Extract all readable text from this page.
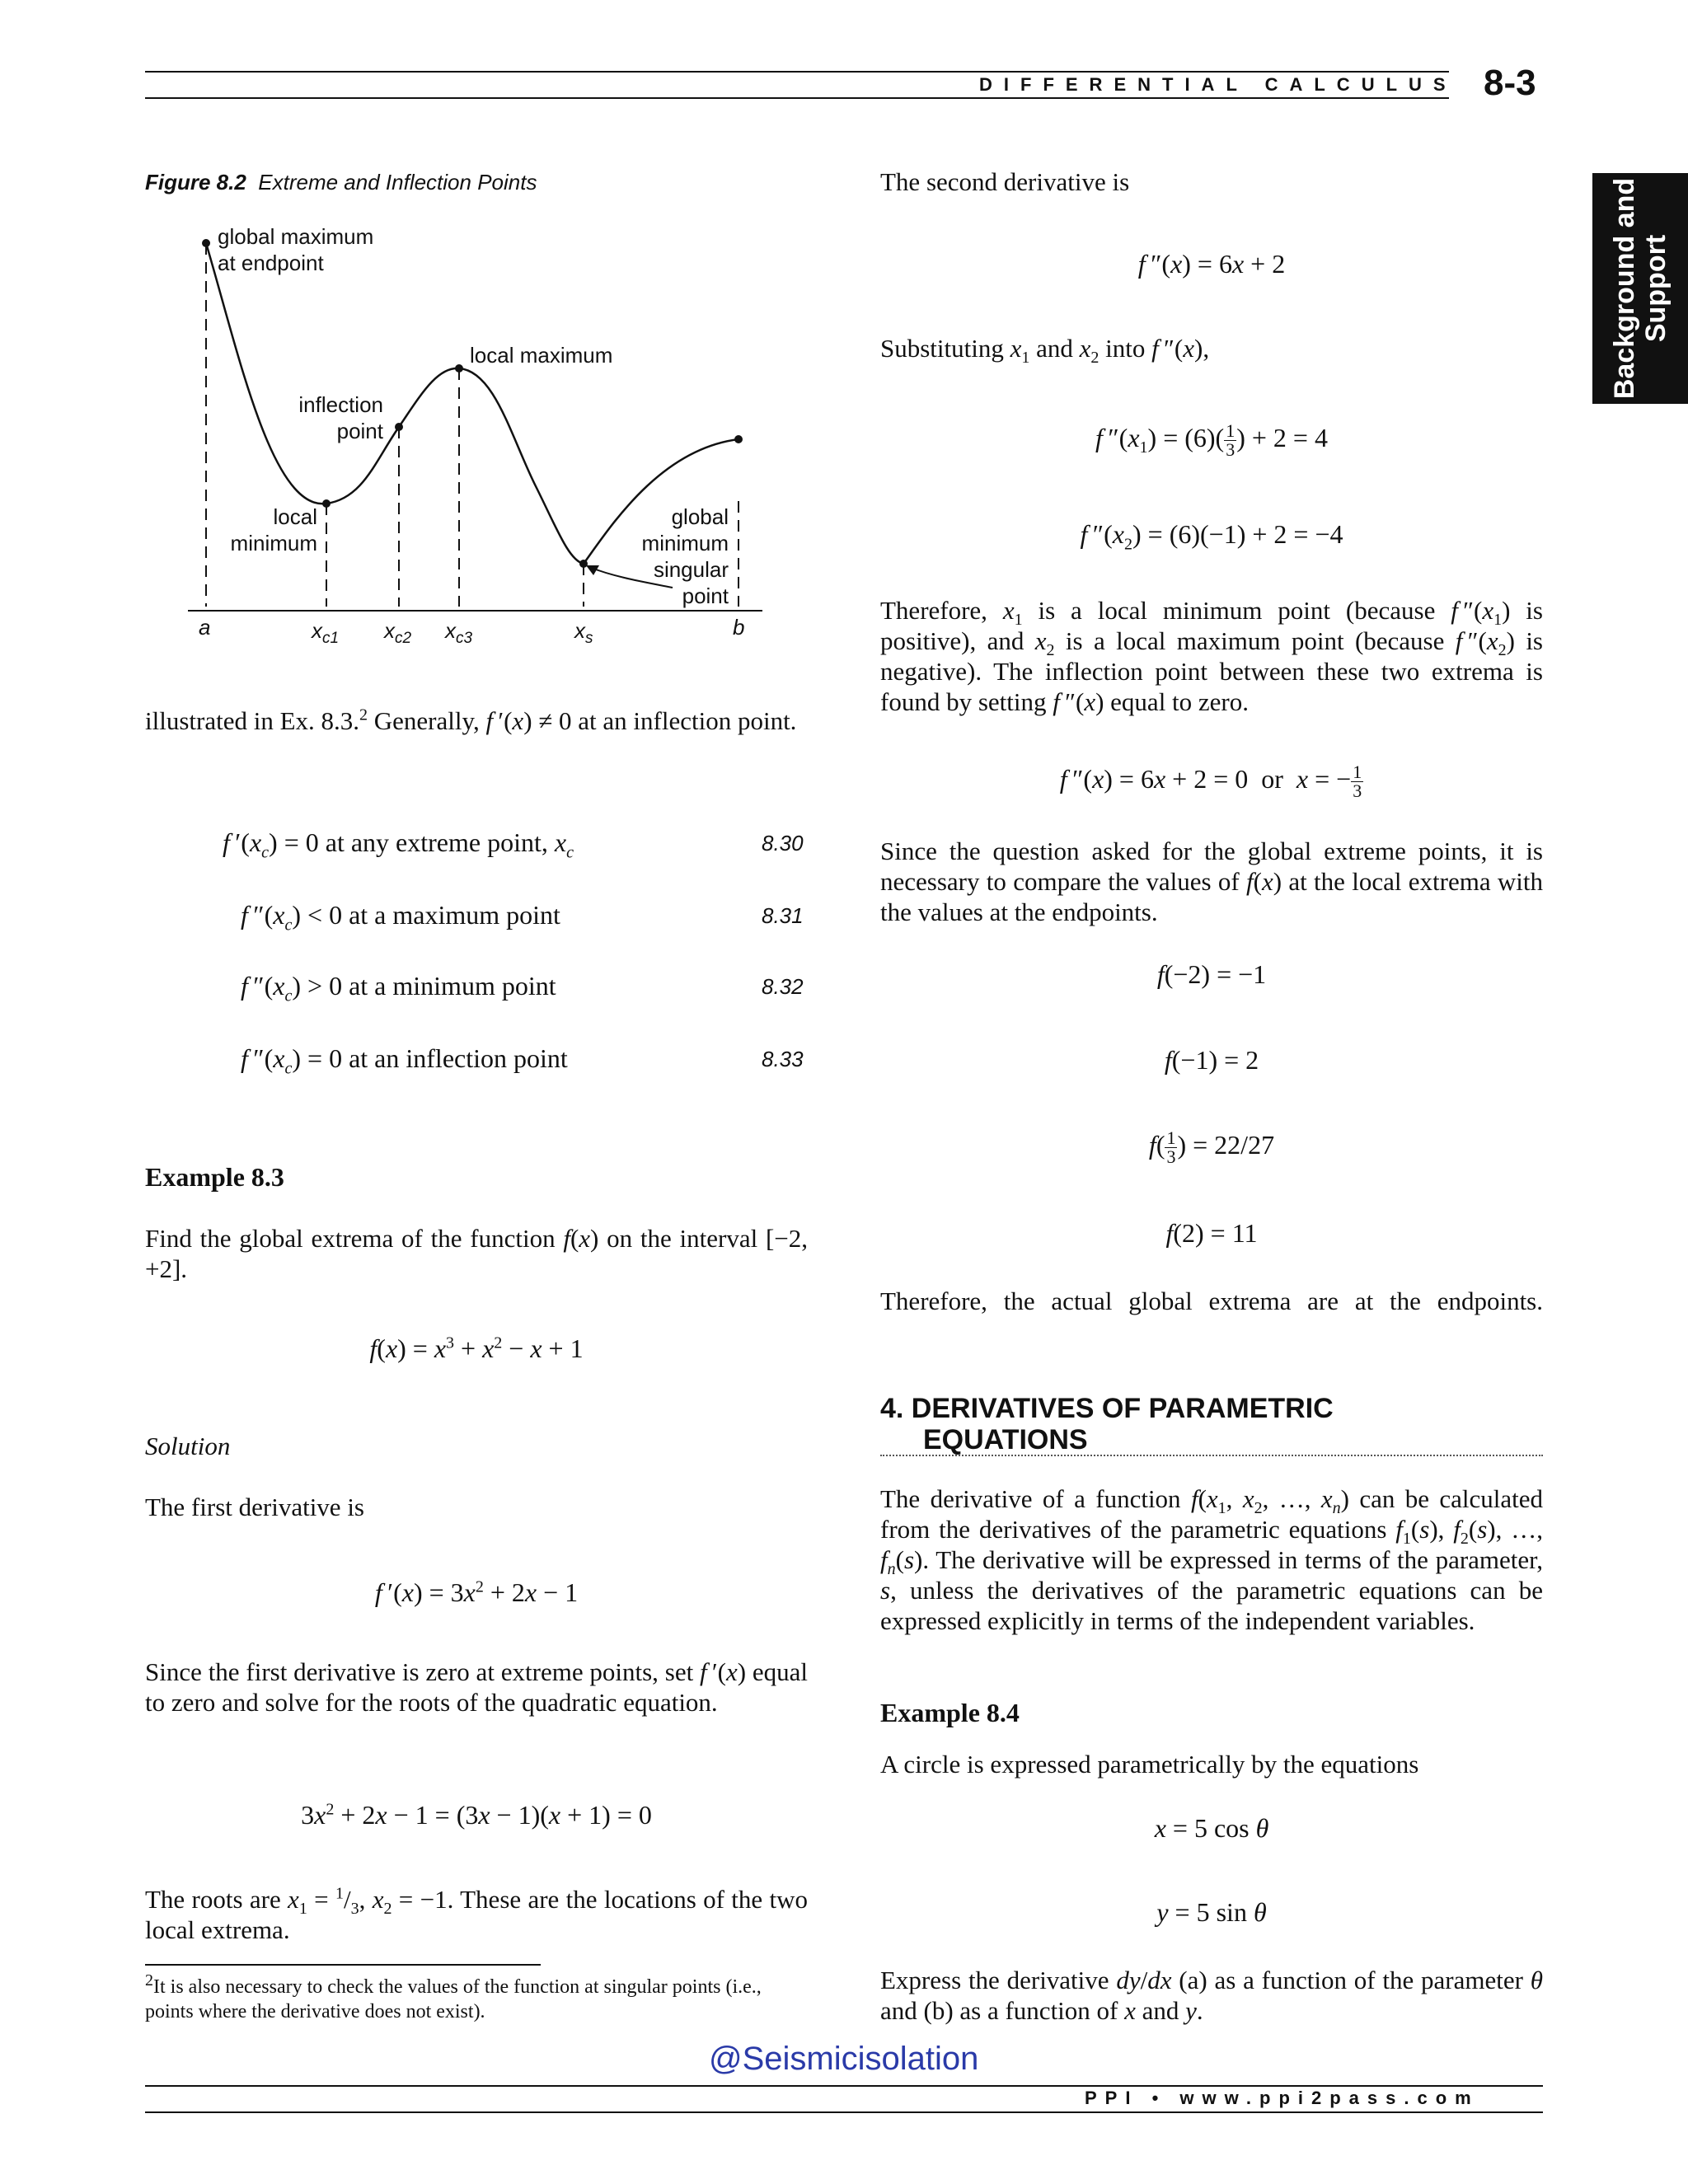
DIFFERENTIAL CALCULUS 8-3
Background and Support
Figure 8.2 Extreme and Inflection Points
global maximum
at endpoint
local maximum
inflection
point
local
minimum
global
minimum
singular
point
a	$x_{c1}$ $x_{c2}$ $x_{c3}$	$x_s$	b
illustrated in Ex. 8.3.$^2$ Generally, f ′(x) ≠ 0 at an inflection point.
f $'(x_c) = 0$ at any extreme point, $x_c$	8.30
f $''(x_c) < 0$ at a maximum point	8.31
f $''(x_c) > 0$ at a minimum point	8.32
f $''(x_c) = 0$ at an inflection point	8.33
Example 8.3
Find the global extrema of the function f(x) on the interval [−2, +2].
$f(x) = x^3 + x^2 - x + 1$
Solution
The first derivative is
f $'(x) = 3x^2 + 2x - 1$
Since the first derivative is zero at extreme points, set f ′(x) equal to zero and solve for the roots of the quadratic equation.
$3x^2 + 2x - 1 = (3x - 1)(x + 1) = 0$
The roots are $x_1 = ^1/_3$, $x_2 = -1$. These are the locations of the two local extrema.
$^2$It is also necessary to check the values of the function at singular points (i.e., points where the derivative does not exist).
The second derivative is
f ″(x) = 6x + 2
Substituting $x_1$ and $x_2$ into f ″(x),
f $''(x_1) = (6)( \frac{1}{3}$ ) + 2 = 4
f $''(x_2) = (6)(-1) + 2 = -4$
Therefore, $x_1$ is a local minimum point (because f $''(x_1)$ is positive), and $x_2$ is a local maximum point (because f $''(x_2)$ is negative). The inflection point between these two extrema is found by setting f ″(x) equal to zero.
f ″(x) = 6x + 2 = 0  or  x = − $\frac{1}{3}$
Since the question asked for the global extreme points, it is necessary to compare the values of f(x) at the local extrema with the values at the endpoints.
f(−2) = −1
f(−1) = 2
$f( \frac{1}{3}$ ) = 22/27
f(2) = 11
Therefore, the actual global extrema are at the endpoints.
4. DERIVATIVES OF PARAMETRIC
EQUATIONS
The derivative of a function $f(x_1$, $x_2$, …, $x_n$) can be calculated from the derivatives of the parametric equations $f_1(s)$, $f_2(s)$, …, $f_n(s)$. The derivative will be expressed in terms of the parameter, s, unless the derivatives of the parametric equations can be expressed explicitly in terms of the independent variables.
Example 8.4
A circle is expressed parametrically by the equations
x = 5 cos θ
y = 5 sin θ
Express the derivative dy/dx (a) as a function of the parameter θ and (b) as a function of x and y.
@Seismicisolation
PPI • www.ppi2pass.com
